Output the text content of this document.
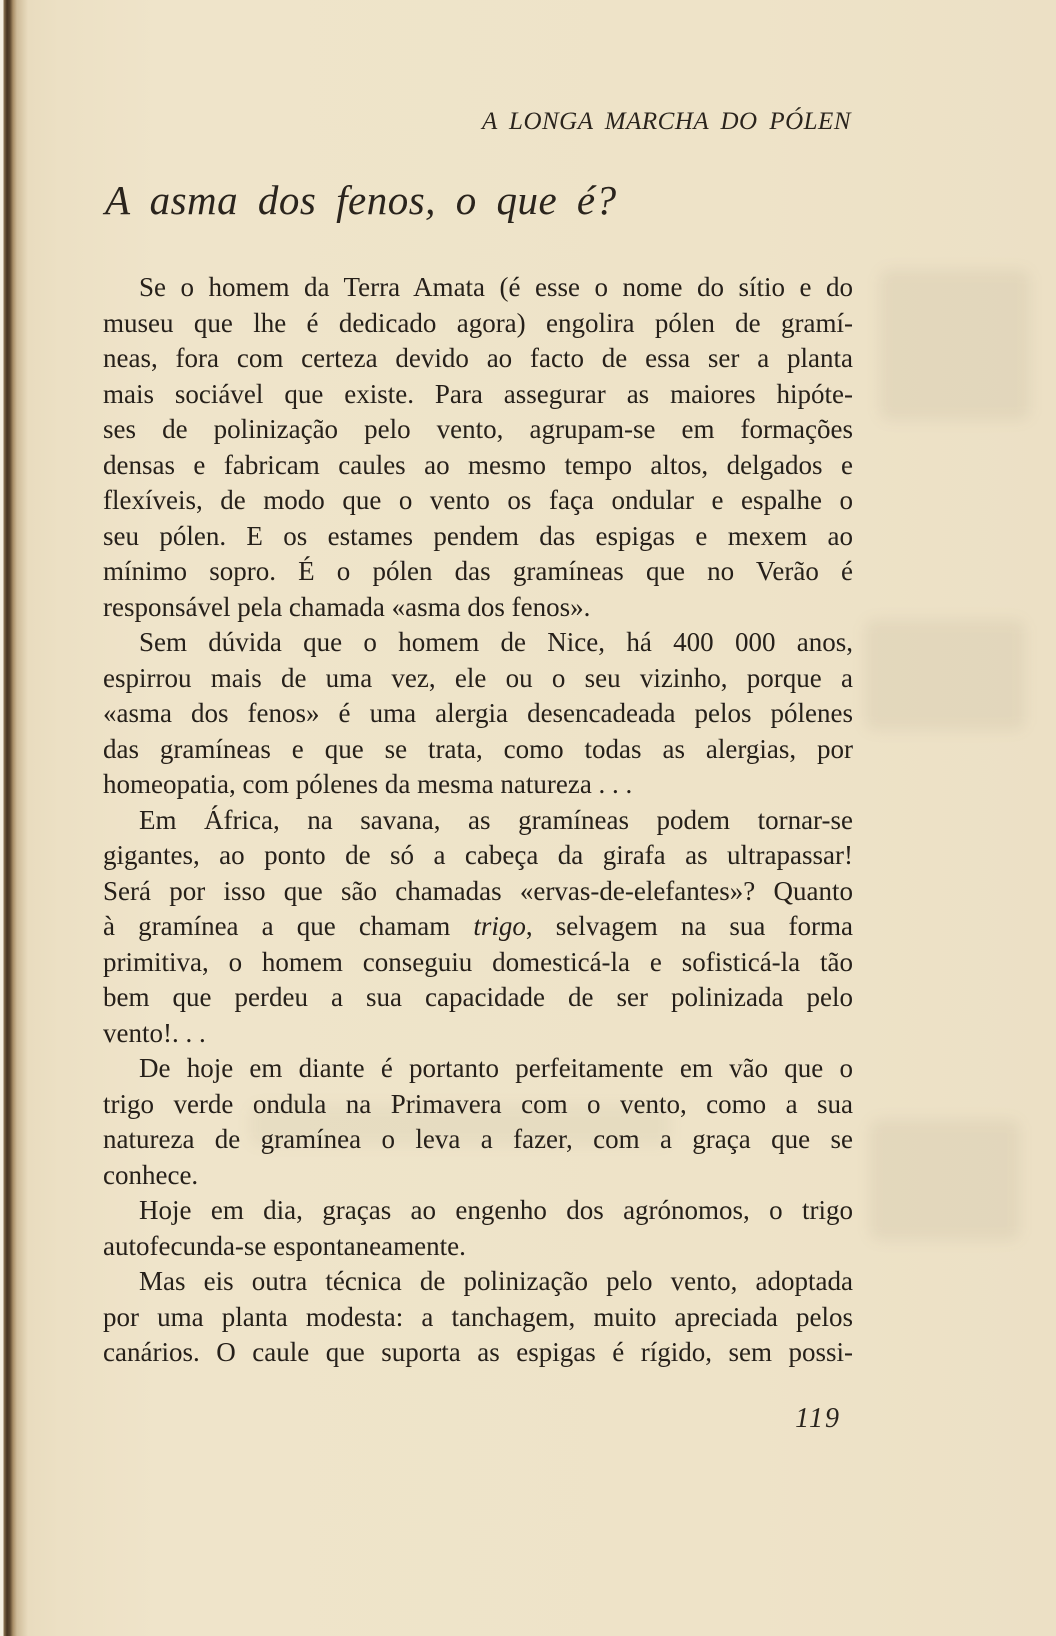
A LONGA MARCHA DO PÓLEN
A asma dos fenos, o que é?
Se o homem da Terra Amata (é esse o nome do sítio e do
museu que lhe é dedicado agora) engolira pólen de gramí-
neas, fora com certeza devido ao facto de essa ser a planta
mais sociável que existe. Para assegurar as maiores hipóte-
ses de polinização pelo vento, agrupam-se em formações
densas e fabricam caules ao mesmo tempo altos, delgados e
flexíveis, de modo que o vento os faça ondular e espalhe o
seu pólen. E os estames pendem das espigas e mexem ao
mínimo sopro. É o pólen das gramíneas que no Verão é
responsável pela chamada «asma dos fenos».
Sem dúvida que o homem de Nice, há 400 000 anos,
espirrou mais de uma vez, ele ou o seu vizinho, porque a
«asma dos fenos» é uma alergia desencadeada pelos pólenes
das gramíneas e que se trata, como todas as alergias, por
homeopatia, com pólenes da mesma natureza . . .
Em África, na savana, as gramíneas podem tornar-se
gigantes, ao ponto de só a cabeça da girafa as ultrapassar!
Será por isso que são chamadas «ervas-de-elefantes»? Quanto
à gramínea a que chamam trigo, selvagem na sua forma
primitiva, o homem conseguiu domesticá-la e sofisticá-la tão
bem que perdeu a sua capacidade de ser polinizada pelo
vento!. . .
De hoje em diante é portanto perfeitamente em vão que o
trigo verde ondula na Primavera com o vento, como a sua
natureza de gramínea o leva a fazer, com a graça que se
conhece.
Hoje em dia, graças ao engenho dos agrónomos, o trigo
autofecunda-se espontaneamente.
Mas eis outra técnica de polinização pelo vento, adoptada
por uma planta modesta: a tanchagem, muito apreciada pelos
canários. O caule que suporta as espigas é rígido, sem possi-
119
